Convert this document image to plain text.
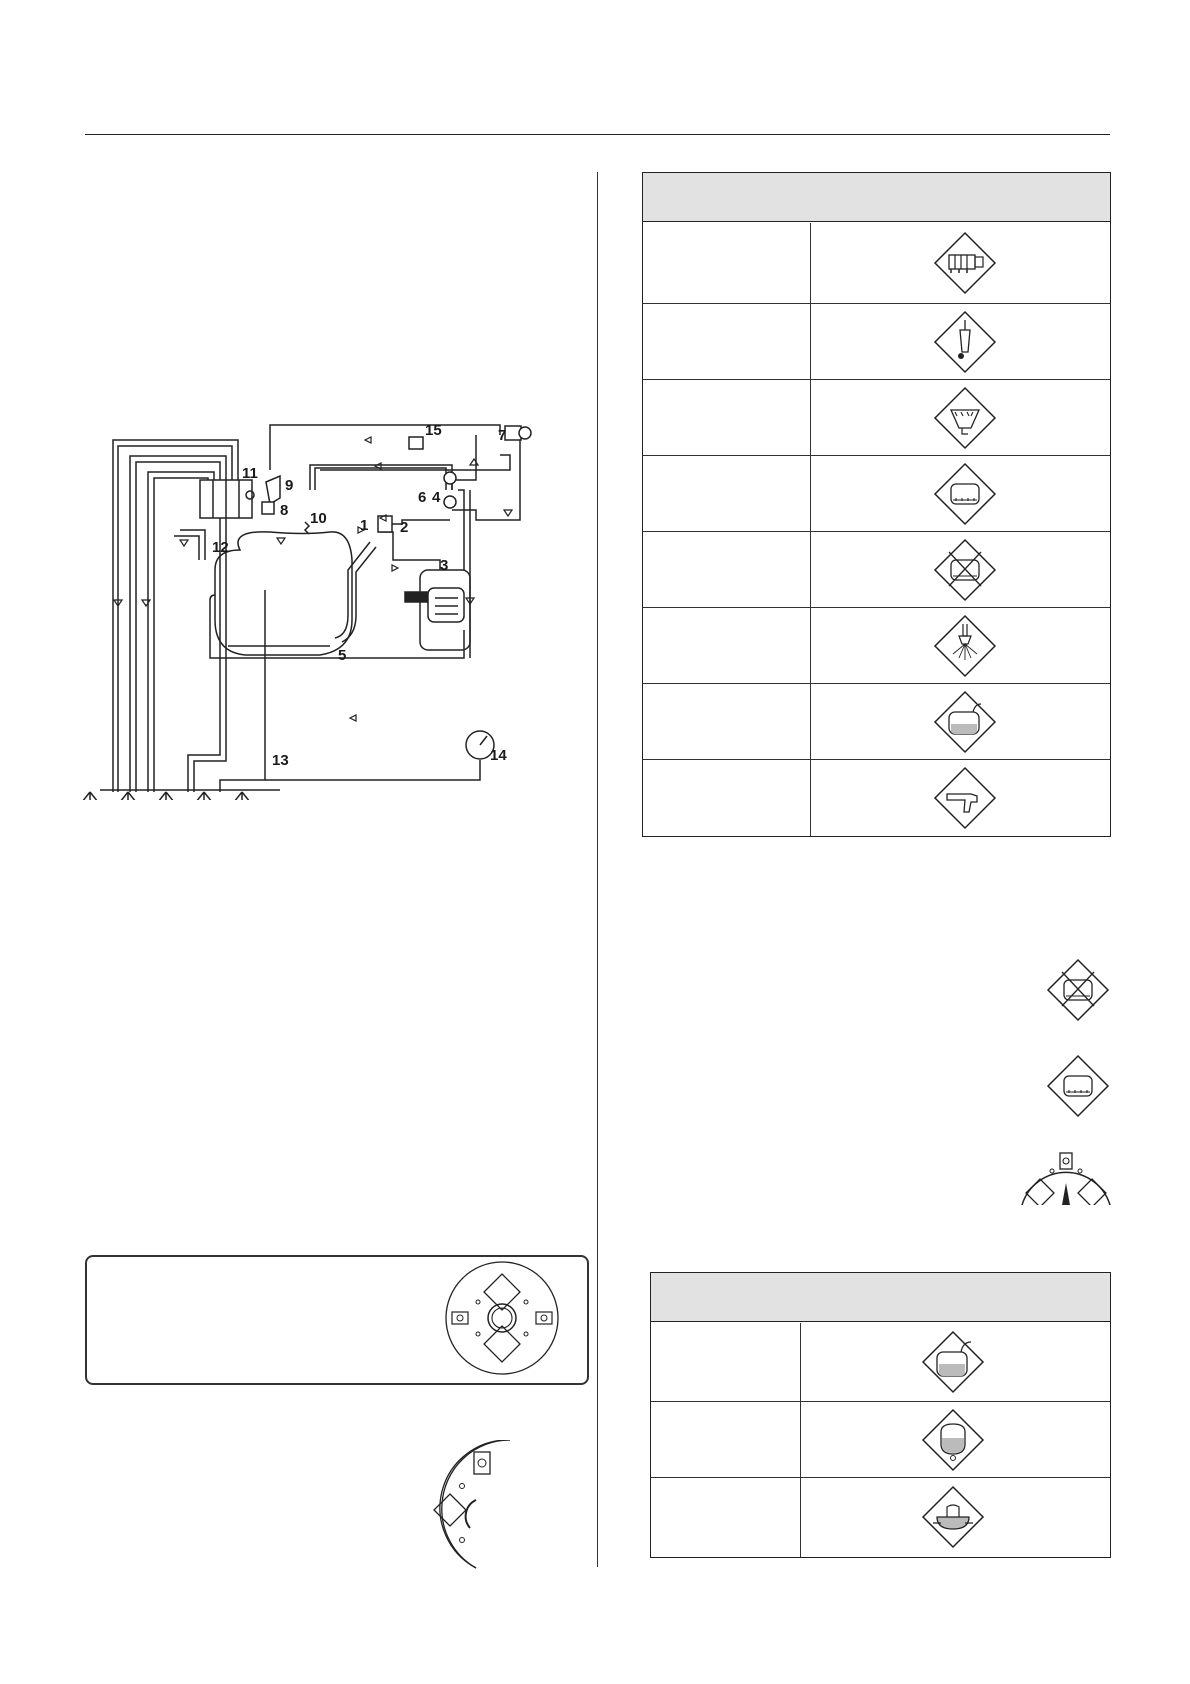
1 2
3
4
5
6
7
8
9
10
11
12
13	14
15
